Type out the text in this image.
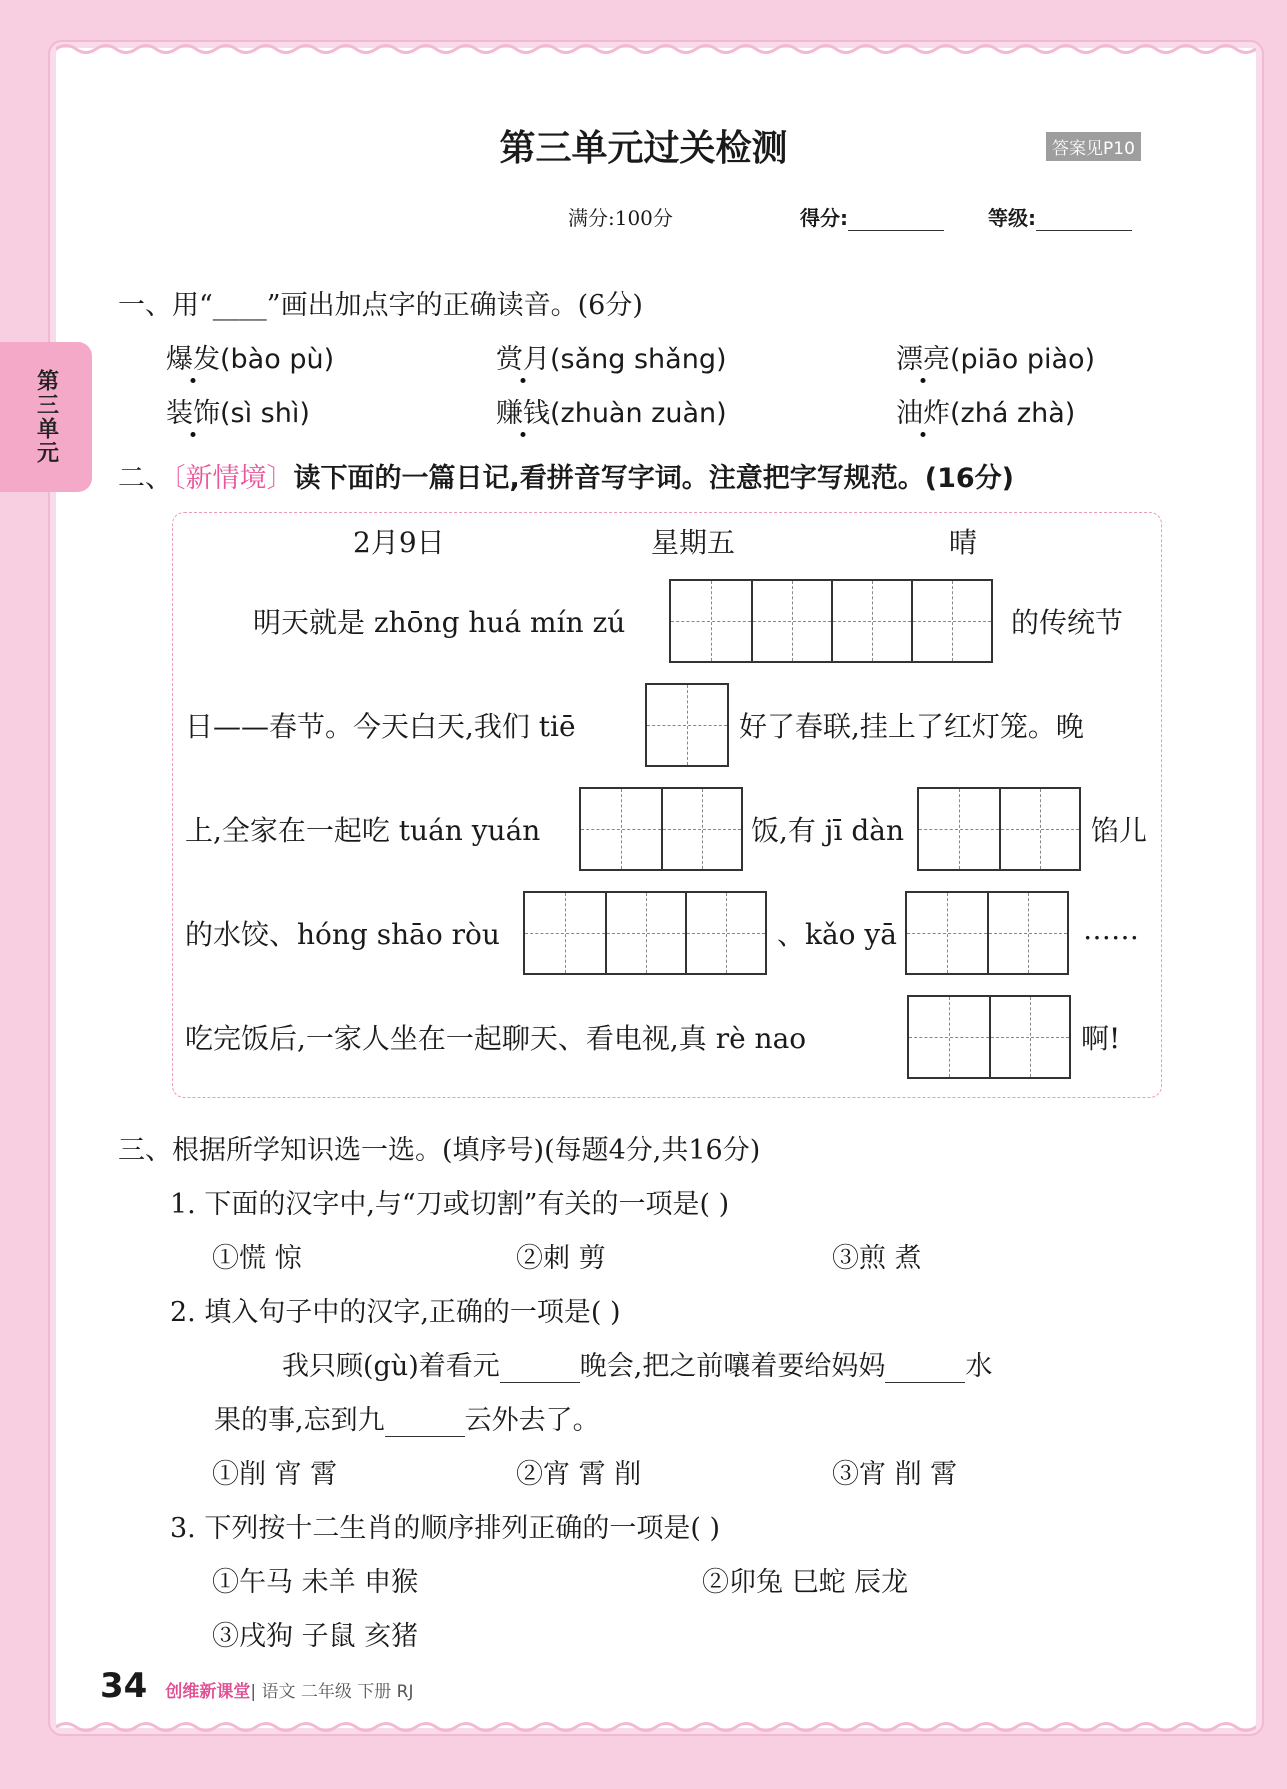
第三单元
第三单元过关检测	答案见P10
满分:100分	得分:	等级:
一、用“____”画出加点字的正确读音。(6分)
爆发(bào pù)	赏月(sǎng shǎng)	漂亮(piāo piào)
装饰(sì shì)	赚钱(zhuàn zuàn)	油炸(zhá zhà)
二、〔新情境〕读下面的一篇日记,看拼音写字词。注意把字写规范。(16分)
2月9日	星期五	晴
明天就是 zhōng huá mín zú	的传统节
日——春节。今天白天,我们 tiē	好了春联,挂上了红灯笼。晚
上,全家在一起吃 tuán yuán	饭,有 jī dàn	馅儿
的水饺、hóng shāo ròu	、kǎo yā	……
吃完饭后,一家人坐在一起聊天、看电视,真 rè nao	啊!
三、根据所学知识选一选。(填序号)(每题4分,共16分)
1. 下面的汉字中,与“刀或切割”有关的一项是( )
①慌 惊	②刺 剪	③煎 煮
2. 填入句子中的汉字,正确的一项是( )
我只顾(gù)着看元	晚会,把之前嚷着要给妈妈	水
果的事,忘到九	云外去了。
①削 宵 霄	②宵 霄 削	③宵 削 霄
3. 下列按十二生肖的顺序排列正确的一项是( )
①午马 未羊 申猴	②卯兔 巳蛇 辰龙
③戌狗 子鼠 亥猪
34 创维新课堂| 语文 二年级 下册 RJ
